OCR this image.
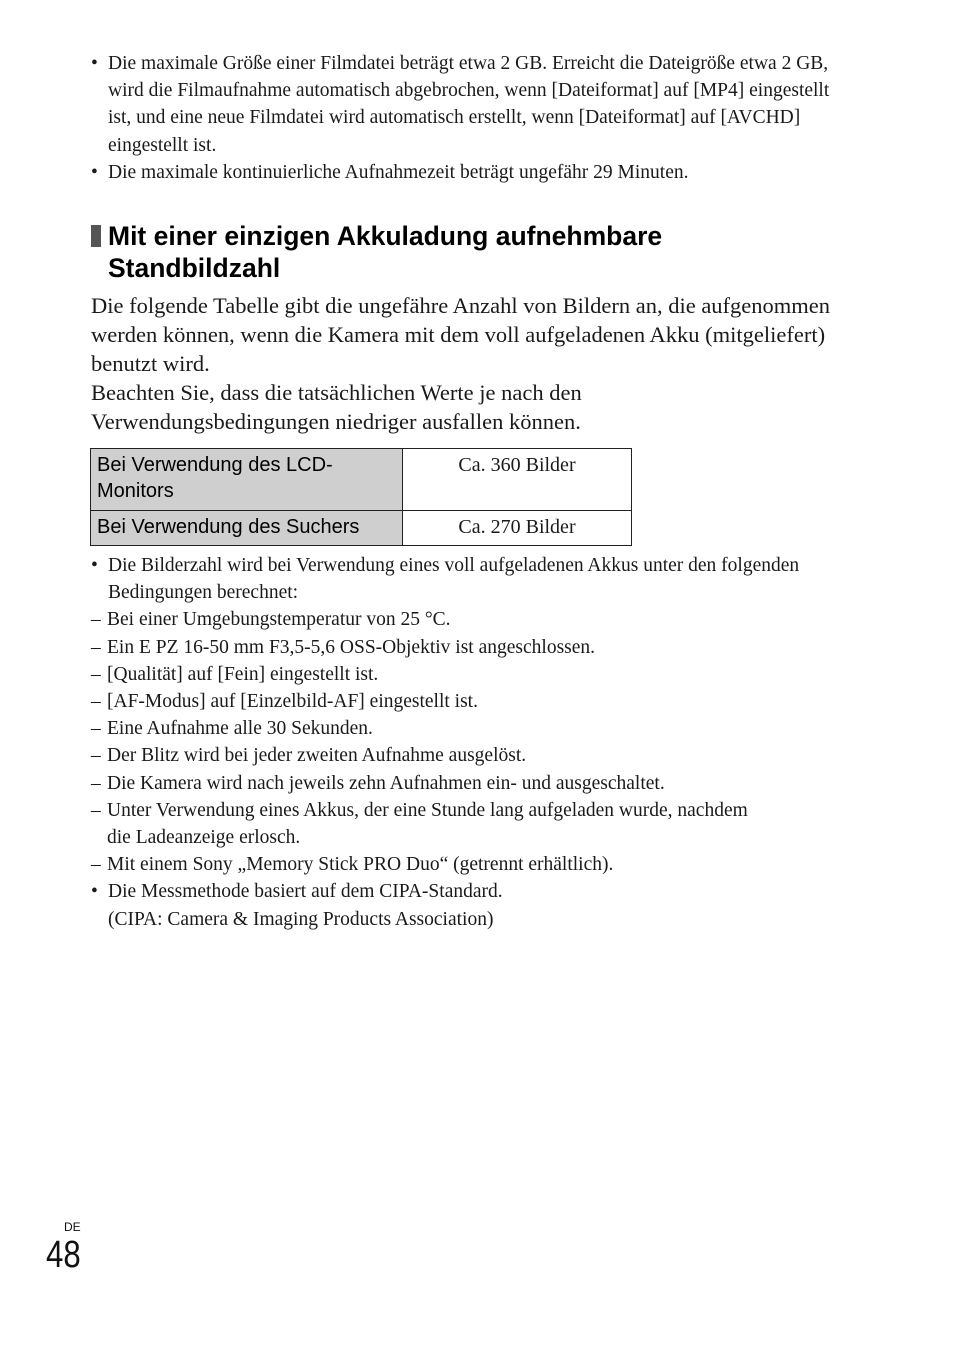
• Die maximale Größe einer Filmdatei beträgt etwa 2 GB. Erreicht die Dateigröße etwa 2 GB, wird die Filmaufnahme automatisch abgebrochen, wenn [Dateiformat] auf [MP4] eingestellt ist, und eine neue Filmdatei wird automatisch erstellt, wenn [Dateiformat] auf [AVCHD] eingestellt ist.
• Die maximale kontinuierliche Aufnahmezeit beträgt ungefähr 29 Minuten.
Mit einer einzigen Akkuladung aufnehmbare
Standbildzahl
Die folgende Tabelle gibt die ungefähre Anzahl von Bildern an, die aufgenommen werden können, wenn die Kamera mit dem voll aufgeladenen Akku (mitgeliefert) benutzt wird.
Beachten Sie, dass die tatsächlichen Werte je nach den Verwendungsbedingungen niedriger ausfallen können.
Bei Verwendung des LCD-Monitors	Ca. 360 Bilder
Bei Verwendung des Suchers	Ca. 270 Bilder
• Die Bilderzahl wird bei Verwendung eines voll aufgeladenen Akkus unter den folgenden Bedingungen berechnet:
– Bei einer Umgebungstemperatur von 25 °C.
– Ein E PZ 16-50 mm F3,5-5,6 OSS-Objektiv ist angeschlossen.
– [Qualität] auf [Fein] eingestellt ist.
– [AF-Modus] auf [Einzelbild-AF] eingestellt ist.
– Eine Aufnahme alle 30 Sekunden.
– Der Blitz wird bei jeder zweiten Aufnahme ausgelöst.
– Die Kamera wird nach jeweils zehn Aufnahmen ein- und ausgeschaltet.
– Unter Verwendung eines Akkus, der eine Stunde lang aufgeladen wurde, nachdem die Ladeanzeige erlosch.
– Mit einem Sony „Memory Stick PRO Duo“ (getrennt erhältlich).
• Die Messmethode basiert auf dem CIPA-Standard.
(CIPA: Camera & Imaging Products Association)
DE
48
